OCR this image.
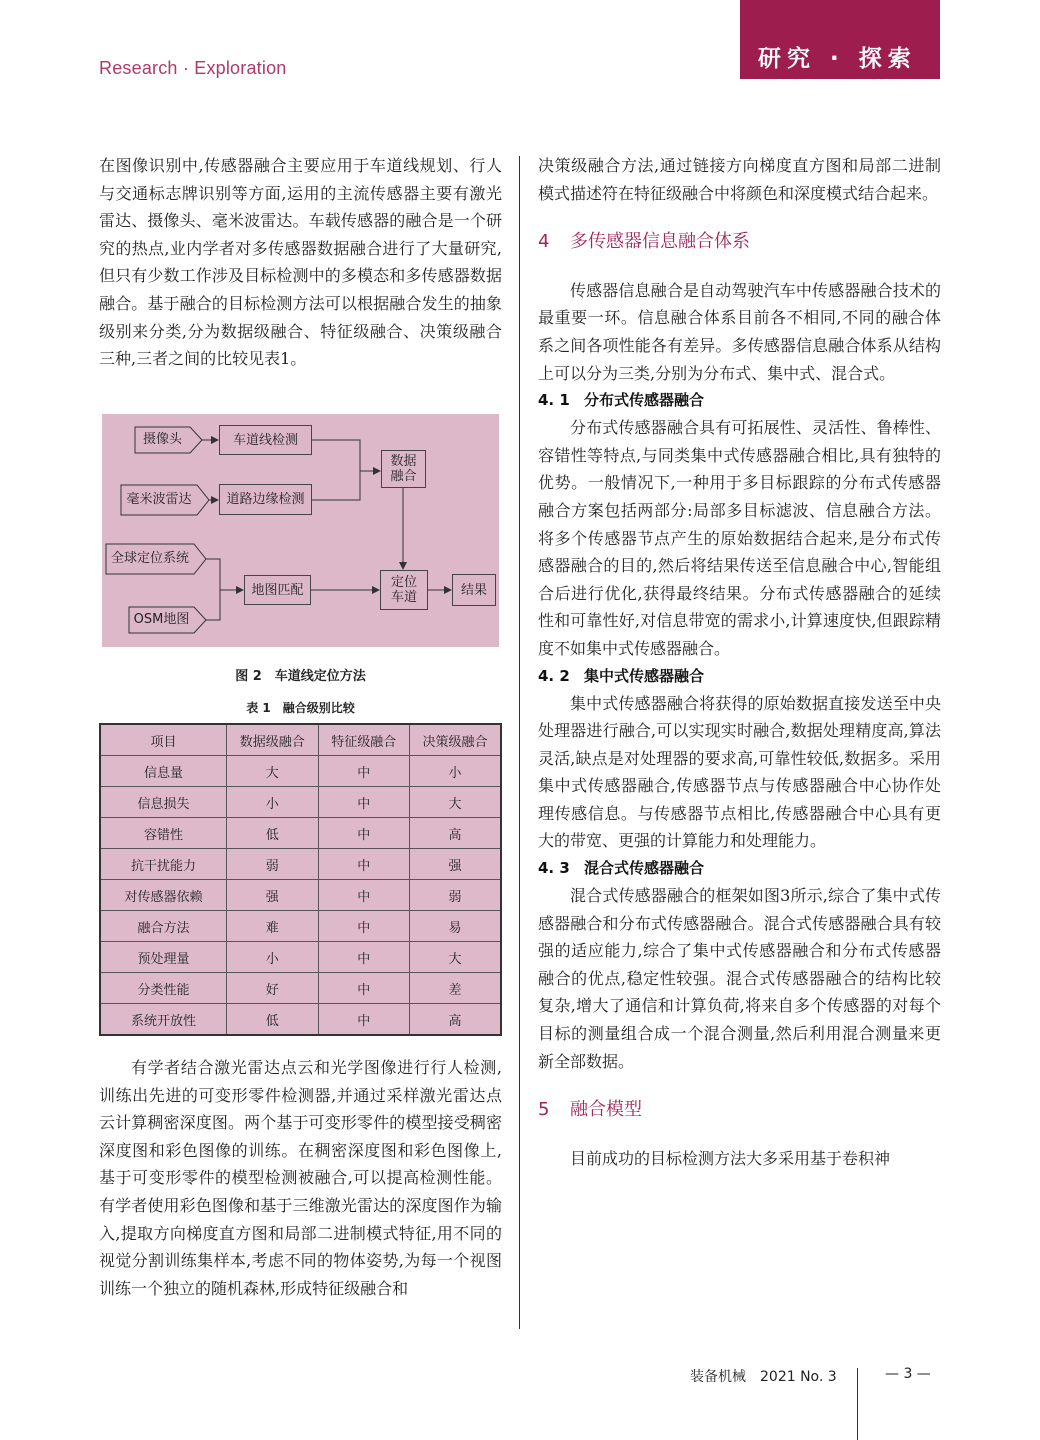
Research · Exploration	研究 · 探索

在图像识别中,传感器融合主要应用于车道线规划、行人与交通标志牌识别等方面,运用的主流传感器主要有激光雷达、摄像头、毫米波雷达。车载传感器的融合是一个研究的热点,业内学者对多传感器数据融合进行了大量研究,但只有少数工作涉及目标检测中的多模态和多传感器数据融合。基于融合的目标检测方法可以根据融合发生的抽象级别来分类,分为数据级融合、特征级融合、决策级融合三种,三者之间的比较见表1。

摄像头
毫米波雷达
全球定位系统
OSM地图
车道线检测
道路边缘检测
数据
融合
地图匹配	定位
车道	结果
图 2　车道线定位方法
表 1　融合级别比较
项目	数据级融合	特征级融合	决策级融合
信息量	大	中	小
信息损失	小	中	大
容错性	低	中	高
抗干扰能力	弱	中	强
对传感器依赖	强	中	弱
融合方法	难	中	易
预处理量	小	中	大
分类性能	好	中	差
系统开放性	低	中	高

有学者结合激光雷达点云和光学图像进行行人检测,训练出先进的可变形零件检测器,并通过采样激光雷达点云计算稠密深度图。两个基于可变形零件的模型接受稠密深度图和彩色图像的训练。在稠密深度图和彩色图像上,基于可变形零件的模型检测被融合,可以提高检测性能。有学者使用彩色图像和基于三维激光雷达的深度图作为输入,提取方向梯度直方图和局部二进制模式特征,用不同的视觉分割训练集样本,考虑不同的物体姿势,为每一个视图训练一个独立的随机森林,形成特征级融合和

决策级融合方法,通过链接方向梯度直方图和局部二进制模式描述符在特征级融合中将颜色和深度模式结合起来。

4 多传感器信息融合体系

传感器信息融合是自动驾驶汽车中传感器融合技术的最重要一环。信息融合体系目前各不相同,不同的融合体系之间各项性能各有差异。多传感器信息融合体系从结构上可以分为三类,分别为分布式、集中式、混合式。

4. 1 分布式传感器融合

分布式传感器融合具有可拓展性、灵活性、鲁棒性、容错性等特点,与同类集中式传感器融合相比,具有独特的优势。一般情况下,一种用于多目标跟踪的分布式传感器融合方案包括两部分:局部多目标滤波、信息融合方法。将多个传感器节点产生的原始数据结合起来,是分布式传感器融合的目的,然后将结果传送至信息融合中心,智能组合后进行优化,获得最终结果。分布式传感器融合的延续性和可靠性好,对信息带宽的需求小,计算速度快,但跟踪精度不如集中式传感器融合。

4. 2 集中式传感器融合

集中式传感器融合将获得的原始数据直接发送至中央处理器进行融合,可以实现实时融合,数据处理精度高,算法灵活,缺点是对处理器的要求高,可靠性较低,数据多。采用集中式传感器融合,传感器节点与传感器融合中心协作处理传感信息。与传感器节点相比,传感器融合中心具有更大的带宽、更强的计算能力和处理能力。

4. 3 混合式传感器融合

混合式传感器融合的框架如图3所示,综合了集中式传感器融合和分布式传感器融合。混合式传感器融合具有较强的适应能力,综合了集中式传感器融合和分布式传感器融合的优点,稳定性较强。混合式传感器融合的结构比较复杂,增大了通信和计算负荷,将来自多个传感器的对每个目标的测量组合成一个混合测量,然后利用混合测量来更新全部数据。

5 融合模型

目前成功的目标检测方法大多采用基于卷积神

装备机械　2021 No. 3	— 3 —
